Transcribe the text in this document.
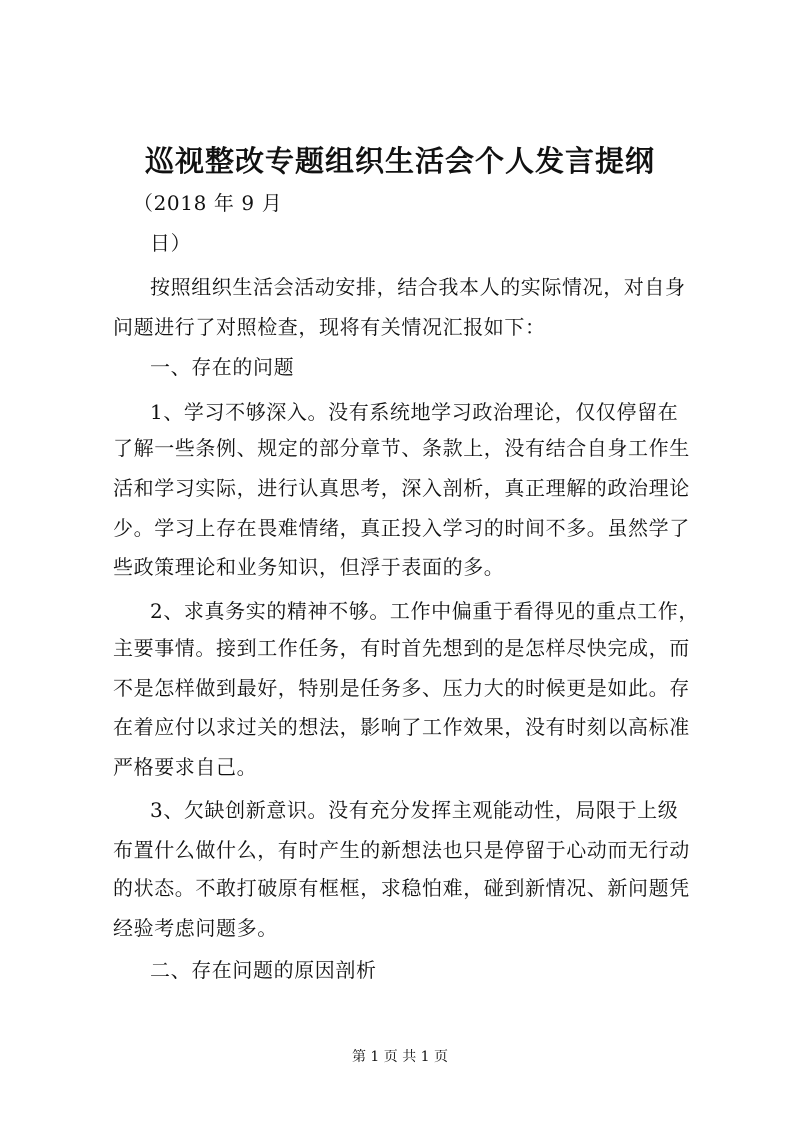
巡视整改专题组织生活会个人发言提纲
（2018 年 9 月
日）
按照组织生活会活动安排，结合我本人的实际情况，对自身
问题进行了对照检查，现将有关情况汇报如下：
一、存在的问题
1、学习不够深入。没有系统地学习政治理论，仅仅停留在
了解一些条例、规定的部分章节、条款上，没有结合自身工作生
活和学习实际，进行认真思考，深入剖析，真正理解的政治理论
少。学习上存在畏难情绪，真正投入学习的时间不多。虽然学了
些政策理论和业务知识，但浮于表面的多。
2、求真务实的精神不够。工作中偏重于看得见的重点工作，
主要事情。接到工作任务，有时首先想到的是怎样尽快完成，而
不是怎样做到最好，特别是任务多、压力大的时候更是如此。存
在着应付以求过关的想法，影响了工作效果，没有时刻以高标准
严格要求自己。
3、欠缺创新意识。没有充分发挥主观能动性，局限于上级
布置什么做什么，有时产生的新想法也只是停留于心动而无行动
的状态。不敢打破原有框框，求稳怕难，碰到新情况、新问题凭
经验考虑问题多。
二、存在问题的原因剖析
第 1 页 共 1 页
